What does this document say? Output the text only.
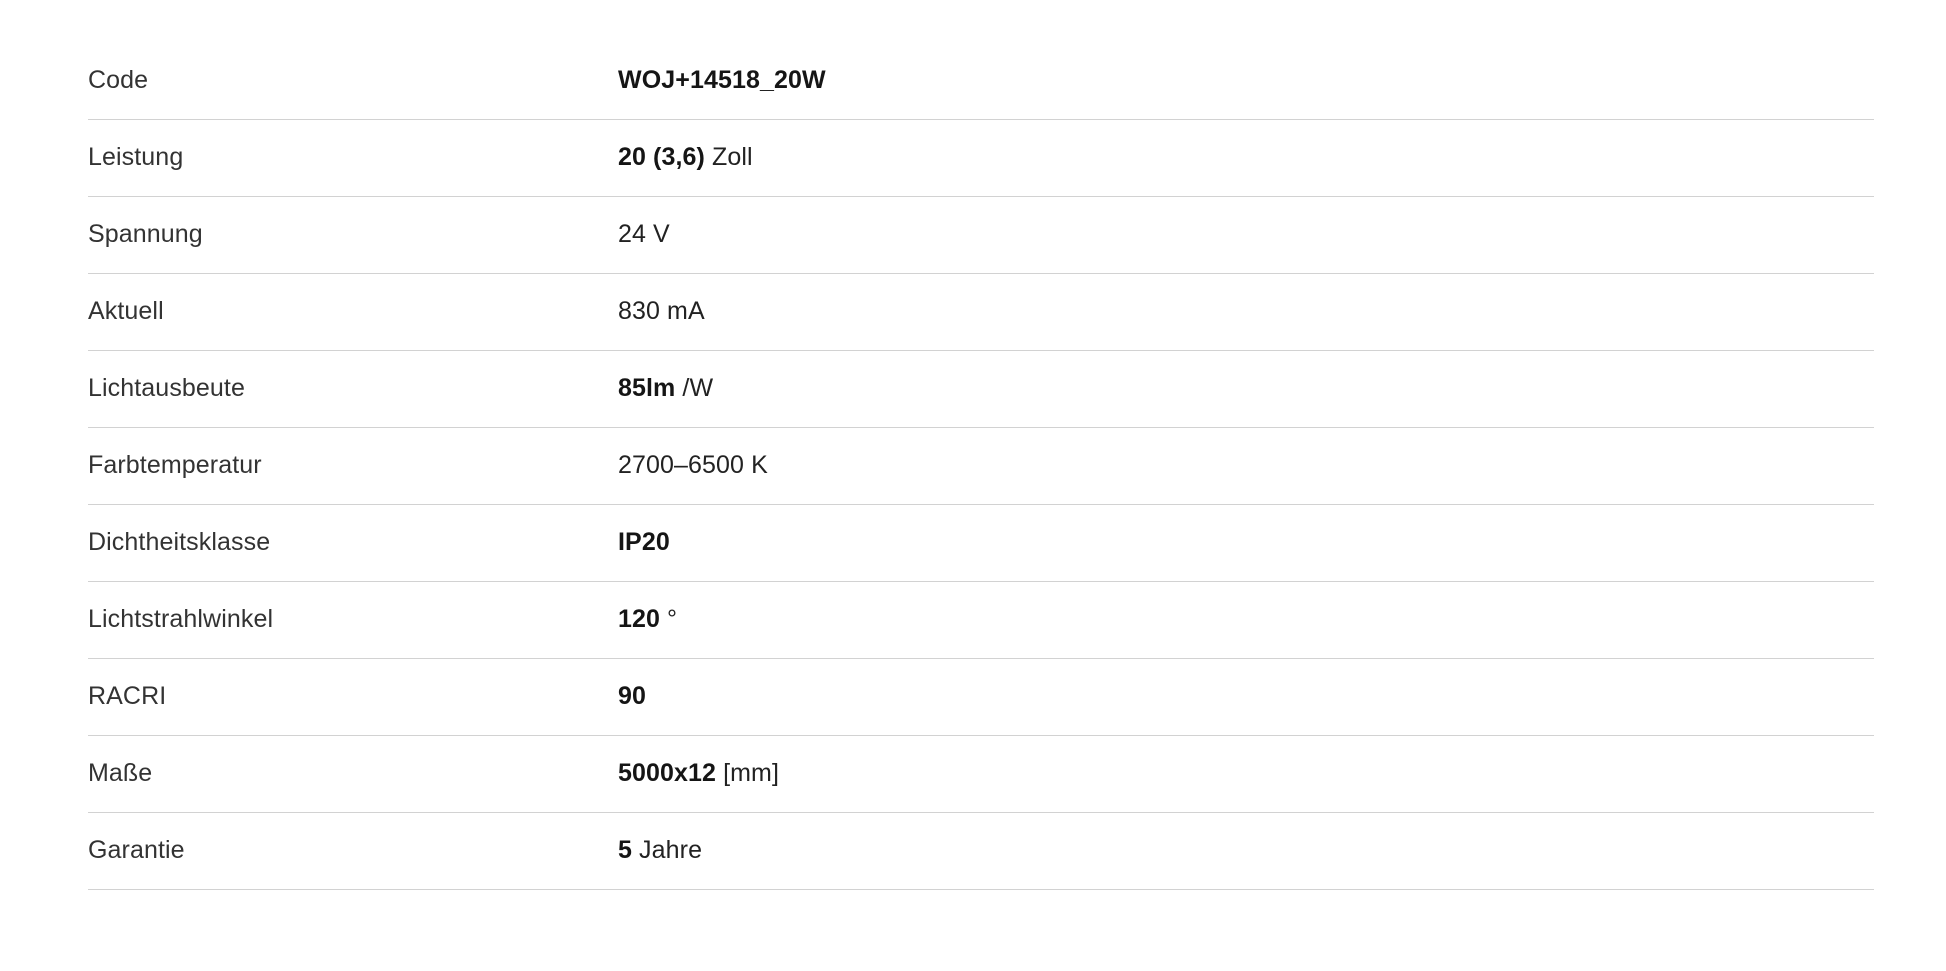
Code	WOJ+14518_20W
Leistung	20 (3,6) Zoll
Spannung	24 V
Aktuell	830 mA
Lichtausbeute	85lm /W
Farbtemperatur	2700–6500 K
Dichtheitsklasse	IP20
Lichtstrahlwinkel	120 °
RACRI	90
Maße	5000x12 [mm]
Garantie	5 Jahre
